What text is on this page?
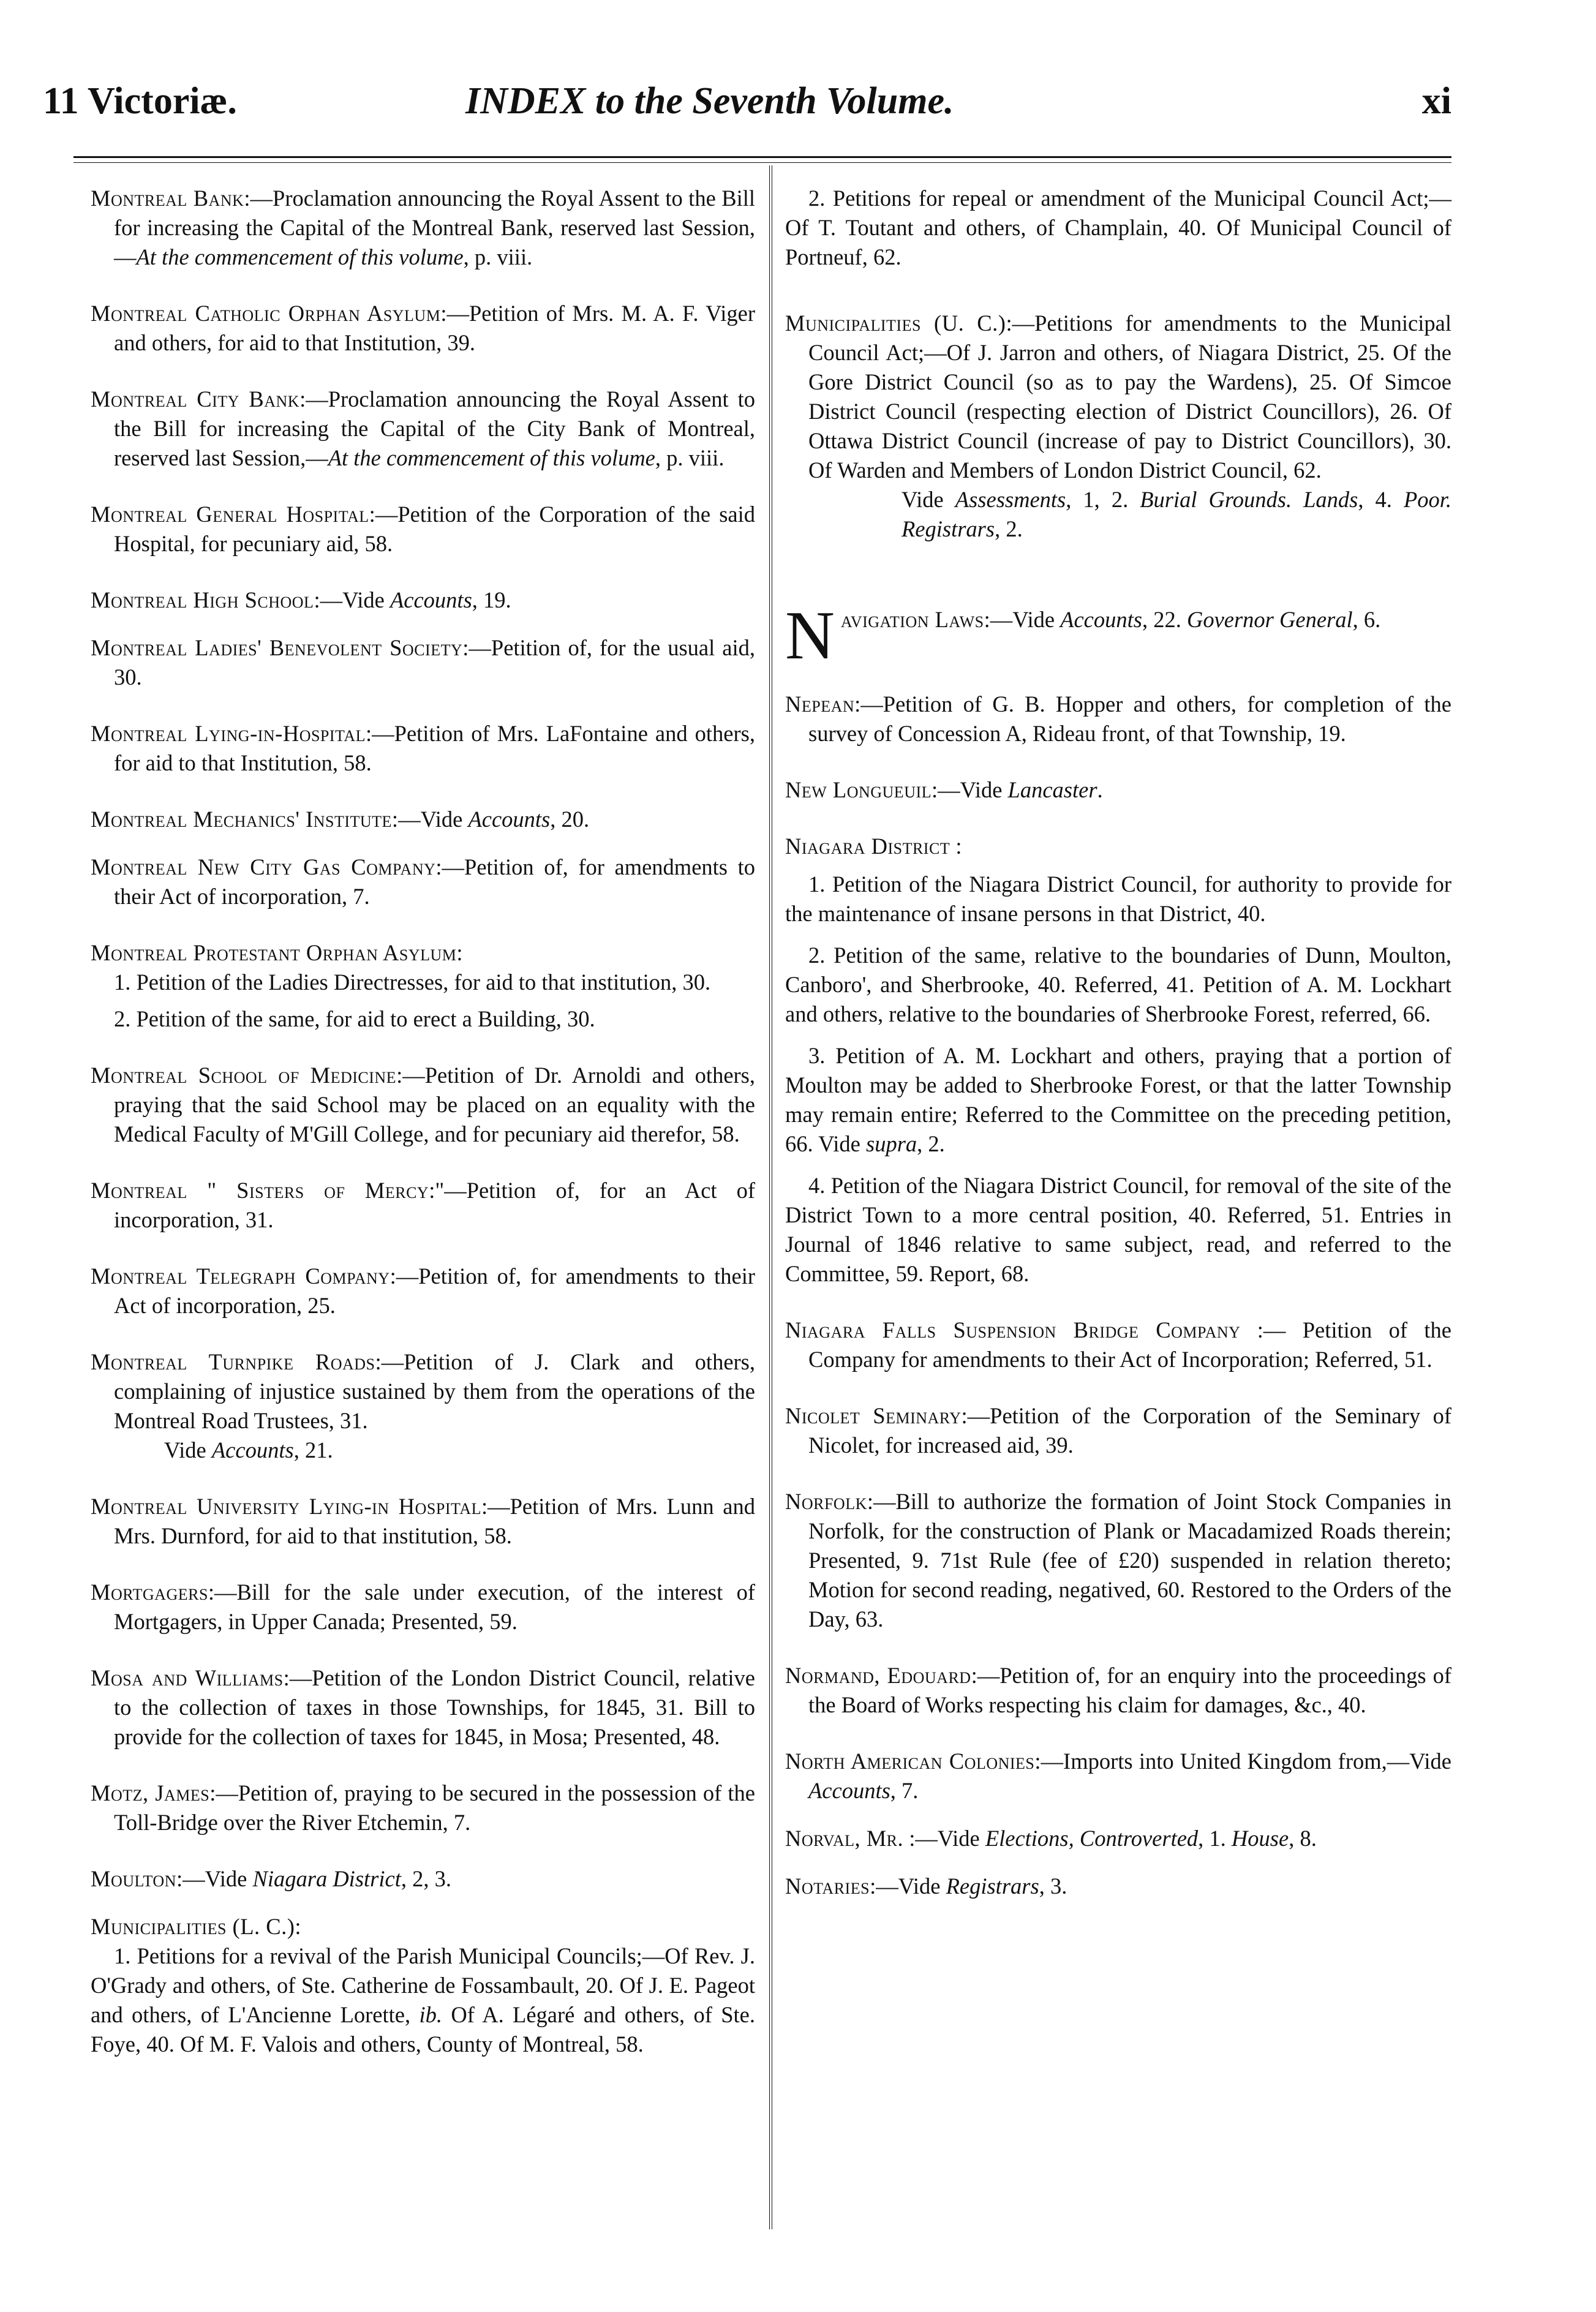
11 Victoriæ.	INDEX to the Seventh Volume.	xi

Montreal Bank:—Proclamation announcing the Royal Assent to the Bill for increasing the Capital of the Montreal Bank, reserved last Session,—At the commencement of this volume, p. viii.

Montreal Catholic Orphan Asylum:—Petition of Mrs. M. A. F. Viger and others, for aid to that Institution, 39.

Montreal City Bank:—Proclamation announcing the Royal Assent to the Bill for increasing the Capital of the City Bank of Montreal, reserved last Session,—At the commencement of this volume, p. viii.

Montreal General Hospital:—Petition of the Corporation of the said Hospital, for pecuniary aid, 58.

Montreal High School:—Vide Accounts, 19.

Montreal Ladies' Benevolent Society:—Petition of, for the usual aid, 30.

Montreal Lying-in-Hospital:—Petition of Mrs. LaFontaine and others, for aid to that Institution, 58.

Montreal Mechanics' Institute:—Vide Accounts, 20.

Montreal New City Gas Company:—Petition of, for amendments to their Act of incorporation, 7.

Montreal Protestant Orphan Asylum:
1. Petition of the Ladies Directresses, for aid to that institution, 30.
2. Petition of the same, for aid to erect a Building, 30.

Montreal School of Medicine:—Petition of Dr. Arnoldi and others, praying that the said School may be placed on an equality with the Medical Faculty of M'Gill College, and for pecuniary aid therefor, 58.

Montreal " Sisters of Mercy:"—Petition of, for an Act of incorporation, 31.

Montreal Telegraph Company:—Petition of, for amendments to their Act of incorporation, 25.

Montreal Turnpike Roads:—Petition of J. Clark and others, complaining of injustice sustained by them from the operations of the Montreal Road Trustees, 31.
Vide Accounts, 21.

Montreal University Lying-in Hospital:—Petition of Mrs. Lunn and Mrs. Durnford, for aid to that institution, 58.

Mortgagers:—Bill for the sale under execution, of the interest of Mortgagers, in Upper Canada; Presented, 59.

Mosa and Williams:—Petition of the London District Council, relative to the collection of taxes in those Townships, for 1845, 31. Bill to provide for the collection of taxes for 1845, in Mosa; Presented, 48.

Motz, James:—Petition of, praying to be secured in the possession of the Toll-Bridge over the River Etchemin, 7.

Moulton:—Vide Niagara District, 2, 3.

Municipalities (L. C.):
1. Petitions for a revival of the Parish Municipal Councils;—Of Rev. J. O'Grady and others, of Ste. Catherine de Fossambault, 20. Of J. E. Pageot and others, of L'Ancienne Lorette, ib. Of A. Légaré and others, of Ste. Foye, 40. Of M. F. Valois and others, County of Montreal, 58.

2. Petitions for repeal or amendment of the Municipal Council Act;—Of T. Toutant and others, of Champlain, 40. Of Municipal Council of Portneuf, 62.

Municipalities (U. C.):—Petitions for amendments to the Municipal Council Act;—Of J. Jarron and others, of Niagara District, 25. Of the Gore District Council (so as to pay the Wardens), 25. Of Simcoe District Council (respecting election of District Councillors), 26. Of Ottawa District Council (increase of pay to District Councillors), 30. Of Warden and Members of London District Council, 62.
Vide Assessments, 1, 2. Burial Grounds. Lands, 4. Poor. Registrars, 2.
Navigation Laws:—Vide Accounts, 22. Governor General, 6.

Nepean:—Petition of G. B. Hopper and others, for completion of the survey of Concession A, Rideau front, of that Township, 19.

New Longueuil:—Vide Lancaster.

Niagara District :
1. Petition of the Niagara District Council, for authority to provide for the maintenance of insane persons in that District, 40.
2. Petition of the same, relative to the boundaries of Dunn, Moulton, Canboro', and Sherbrooke, 40. Referred, 41. Petition of A. M. Lockhart and others, relative to the boundaries of Sherbrooke Forest, referred, 66.
3. Petition of A. M. Lockhart and others, praying that a portion of Moulton may be added to Sherbrooke Forest, or that the latter Township may remain entire; Referred to the Committee on the preceding petition, 66. Vide supra, 2.
4. Petition of the Niagara District Council, for removal of the site of the District Town to a more central position, 40. Referred, 51. Entries in Journal of 1846 relative to same subject, read, and referred to the Committee, 59. Report, 68.

Niagara Falls Suspension Bridge Company :— Petition of the Company for amendments to their Act of Incorporation; Referred, 51.

Nicolet Seminary:—Petition of the Corporation of the Seminary of Nicolet, for increased aid, 39.

Norfolk:—Bill to authorize the formation of Joint Stock Companies in Norfolk, for the construction of Plank or Macadamized Roads therein; Presented, 9. 71st Rule (fee of £20) suspended in relation thereto; Motion for second reading, negatived, 60. Restored to the Orders of the Day, 63.

Normand, Edouard:—Petition of, for an enquiry into the proceedings of the Board of Works respecting his claim for damages, &c., 40.

North American Colonies:—Imports into United Kingdom from,—Vide Accounts, 7.

Norval, Mr. :—Vide Elections, Controverted, 1. House, 8.

Notaries:—Vide Registrars, 3.
